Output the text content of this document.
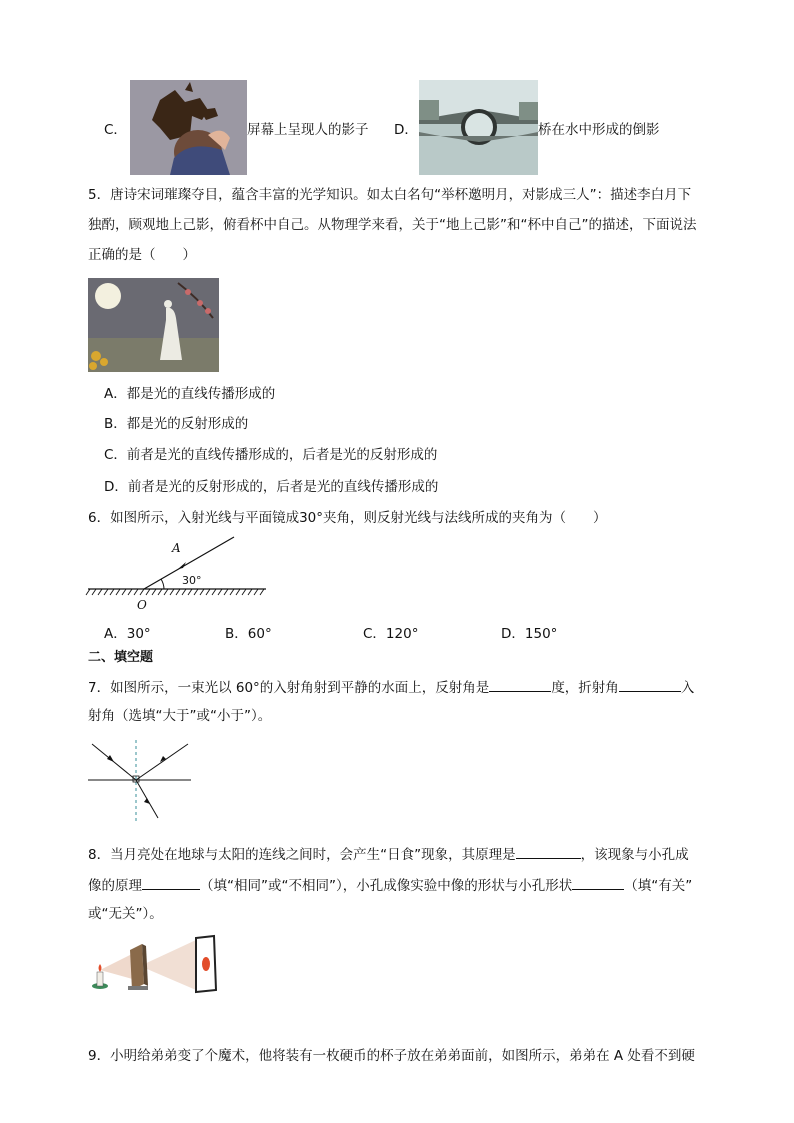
C．	屏幕上呈现人的影子 D．	桥在水中形成的倒影
5．唐诗宋词璀璨夺目，蕴含丰富的光学知识。如太白名句“举杯邀明月，对影成三人”：描述李白月下
独酌，顾观地上己影，俯看杯中自己。从物理学来看，关于“地上己影”和“杯中自己”的描述，下面说法
正确的是（　　）
A．都是光的直线传播形成的
B．都是光的反射形成的
C．前者是光的直线传播形成的，后者是光的反射形成的
D．前者是光的反射形成的，后者是光的直线传播形成的
6．如图所示，入射光线与平面镜成30°夹角，则反射光线与法线所成的夹角为（　　）
A
30°
O
A．30°	B．60°	C．120°	D．150°
二、填空题
7．如图所示，一束光以 60°的入射角射到平静的水面上，反射角是	度，折射角	入
射角（选填“大于”或“小于”）。
8．当月亮处在地球与太阳的连线之间时，会产生“日食”现象，其原理是	，该现象与小孔成
像的原理	（填“相同”或“不相同”），小孔成像实验中像的形状与小孔形状	（填“有关”
或“无关”）。
9．小明给弟弟变了个魔术，他将装有一枚硬币的杯子放在弟弟面前，如图所示，弟弟在 A 处看不到硬
